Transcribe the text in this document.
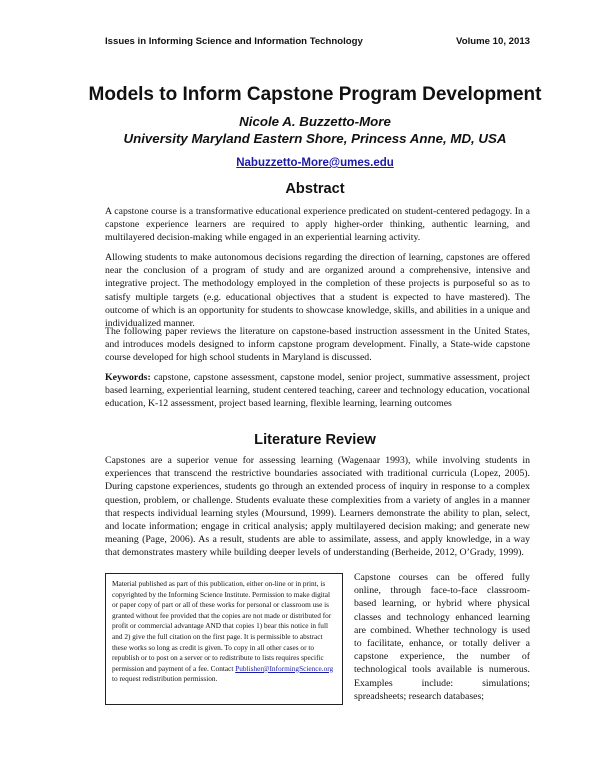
Issues in Informing Science and Information Technology	Volume 10, 2013
Models to Inform Capstone Program Development
Nicole A. Buzzetto-More
University Maryland Eastern Shore, Princess Anne, MD, USA
Nabuzzetto-More@umes.edu
Abstract
A capstone course is a transformative educational experience predicated on student-centered pedagogy. In a capstone experience learners are required to apply higher-order thinking, authentic learning, and multilayered decision-making while engaged in an experiential learning activity.
Allowing students to make autonomous decisions regarding the direction of learning, capstones are offered near the conclusion of a program of study and are organized around a comprehensive, intensive and integrative project. The methodology employed in the completion of these projects is purposeful so as to satisfy multiple targets (e.g. educational objectives that a student is expected to have mastered). The outcome of which is an opportunity for students to showcase knowledge, skills, and abilities in a unique and individualized manner.
The following paper reviews the literature on capstone-based instruction assessment in the United States, and introduces models designed to inform capstone program development. Finally, a State-wide capstone course developed for high school students in Maryland is discussed.
Keywords: capstone, capstone assessment, capstone model, senior project, summative assessment, project based learning, experiential learning, student centered teaching, career and technology education, vocational education, K-12 assessment, project based learning, flexible learning, learning outcomes
Literature Review
Capstones are a superior venue for assessing learning (Wagenaar 1993), while involving students in experiences that transcend the restrictive boundaries associated with traditional curricula (Lopez, 2005). During capstone experiences, students go through an extended process of inquiry in response to a complex question, problem, or challenge. Students evaluate these complexities from a variety of angles in a manner that respects individual learning styles (Moursund, 1999). Learners demonstrate the ability to plan, select, and locate information; engage in critical analysis; apply multilayered decision making; and generate new meaning (Page, 2006). As a result, students are able to assimilate, assess, and apply knowledge, in a way that demonstrates mastery while building deeper levels of understanding (Berheide, 2012, O’Grady, 1999).
Material published as part of this publication, either on-line or in print, is copyrighted by the Informing Science Institute. Permission to make digital or paper copy of part or all of these works for personal or classroom use is granted without fee provided that the copies are not made or distributed for profit or commercial advantage AND that copies 1) bear this notice in full and 2) give the full citation on the first page. It is permissible to abstract these works so long as credit is given. To copy in all other cases or to republish or to post on a server or to redistribute to lists requires specific permission and payment of a fee. Contact Publisher@InformingScience.org to request redistribution permission.
Capstone courses can be offered fully online, through face-to-face classroom-based learning, or hybrid where physical classes and technology enhanced learning are combined. Whether technology is used to facilitate, enhance, or totally deliver a capstone experience, the number of technological tools available is numerous. Examples include: simulations; spreadsheets; research databases;
